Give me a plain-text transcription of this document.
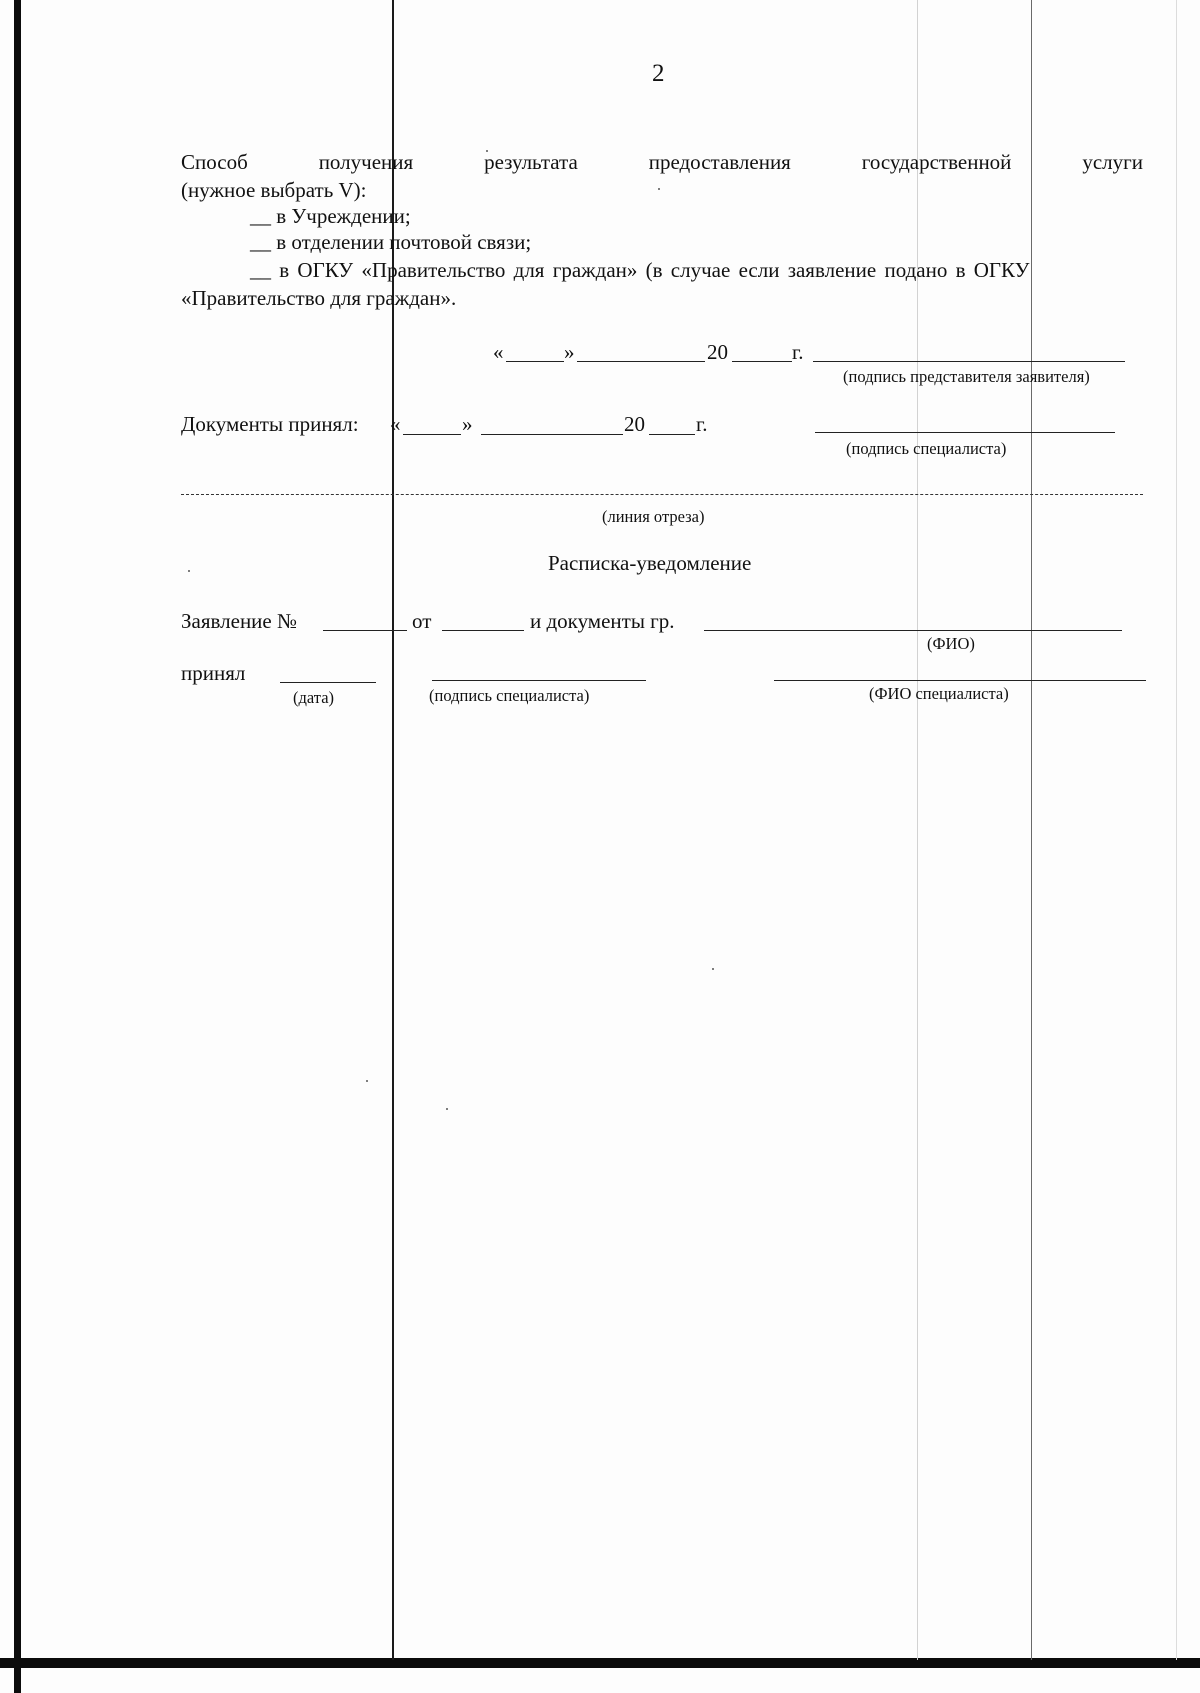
2
Способ	получения	результата	предоставления	государственной	услуги
(нужное выбрать V):
__ в Учреждении;
__ в отделении почтовой связи;
__ в ОГКУ «Правительство для граждан» (в случае если заявление подано в ОГКУ
«Правительство для граждан».
«	»	20	г.
(подпись представителя заявителя)
Документы принял: «	»	20 г.
(подпись специалиста)
(линия отреза)
Расписка-уведомление
Заявление №	от	и документы гр.
(ФИО)
принял
(дата)	(подпись специалиста)	(ФИО специалиста)
